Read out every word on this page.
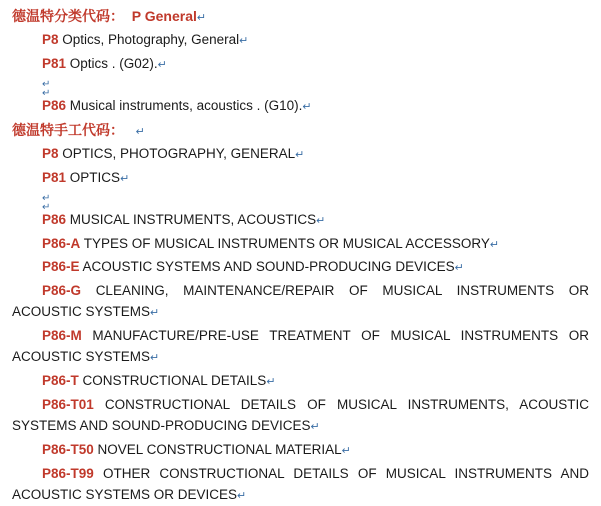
德温特分类代码： P General↵

P8 Optics, Photography, General↵

P81 Optics . (G02).↵

↵

↵

P86 Musical instruments, acoustics . (G10).↵

德温特手工代码： ↵

P8 OPTICS, PHOTOGRAPHY, GENERAL↵

P81 OPTICS↵

↵

↵

P86 MUSICAL INSTRUMENTS, ACOUSTICS↵

P86-A TYPES OF MUSICAL INSTRUMENTS OR MUSICAL ACCESSORY↵

P86-E ACOUSTIC SYSTEMS AND SOUND-PRODUCING DEVICES↵

P86-G CLEANING, MAINTENANCE/REPAIR OF MUSICAL INSTRUMENTS OR ACOUSTIC SYSTEMS↵

P86-M MANUFACTURE/PRE-USE TREATMENT OF MUSICAL INSTRUMENTS OR ACOUSTIC SYSTEMS↵

P86-T CONSTRUCTIONAL DETAILS↵

P86-T01 CONSTRUCTIONAL DETAILS OF MUSICAL INSTRUMENTS, ACOUSTIC SYSTEMS AND SOUND-PRODUCING DEVICES↵

P86-T50 NOVEL CONSTRUCTIONAL MATERIAL↵

P86-T99 OTHER CONSTRUCTIONAL DETAILS OF MUSICAL INSTRUMENTS AND ACOUSTIC SYSTEMS OR DEVICES↵
